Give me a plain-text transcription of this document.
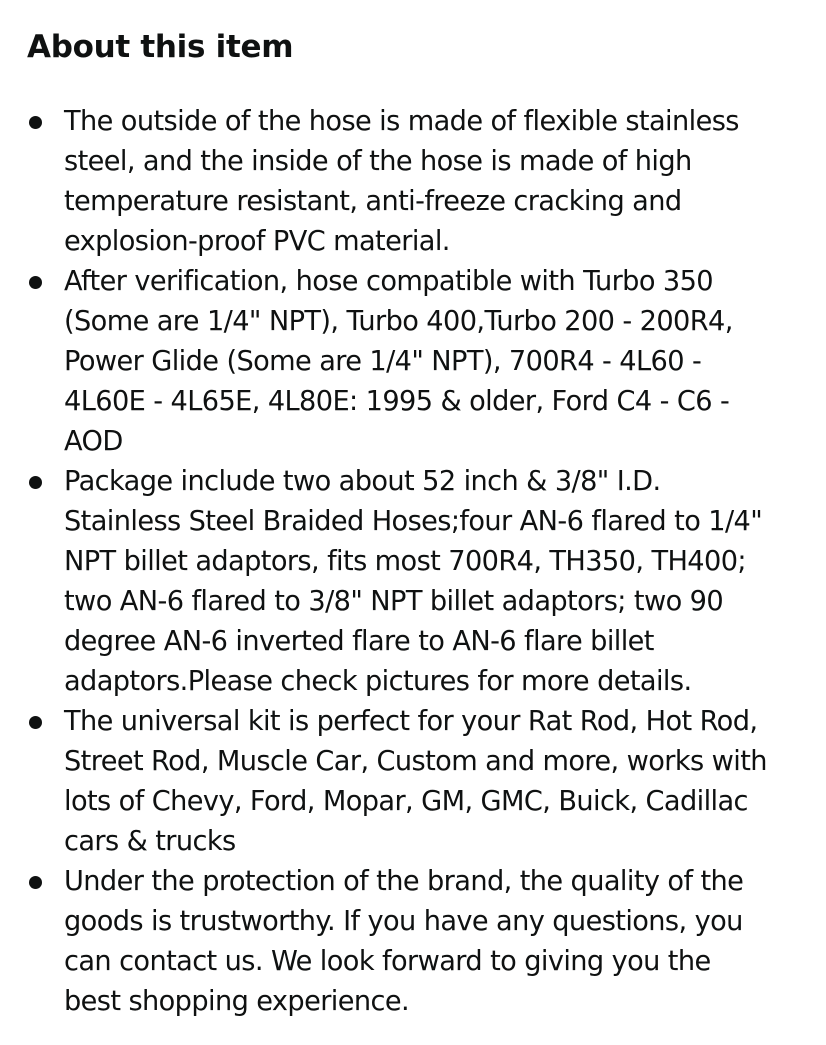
About this item
The outside of the hose is made of flexible stainless
steel, and the inside of the hose is made of high
temperature resistant, anti-freeze cracking and
explosion-proof PVC material.
After verification, hose compatible with Turbo 350
(Some are 1/4" NPT), Turbo 400,Turbo 200 - 200R4,
Power Glide (Some are 1/4" NPT), 700R4 - 4L60 -
4L60E - 4L65E, 4L80E: 1995 & older, Ford C4 - C6 -
AOD
Package include two about 52 inch & 3/8" I.D.
Stainless Steel Braided Hoses;four AN-6 flared to 1/4"
NPT billet adaptors, fits most 700R4, TH350, TH400;
two AN-6 flared to 3/8" NPT billet adaptors; two 90
degree AN-6 inverted flare to AN-6 flare billet
adaptors.Please check pictures for more details.
The universal kit is perfect for your Rat Rod, Hot Rod,
Street Rod, Muscle Car, Custom and more, works with
lots of Chevy, Ford, Mopar, GM, GMC, Buick, Cadillac
cars & trucks
Under the protection of the brand, the quality of the
goods is trustworthy. If you have any questions, you
can contact us. We look forward to giving you the
best shopping experience.
